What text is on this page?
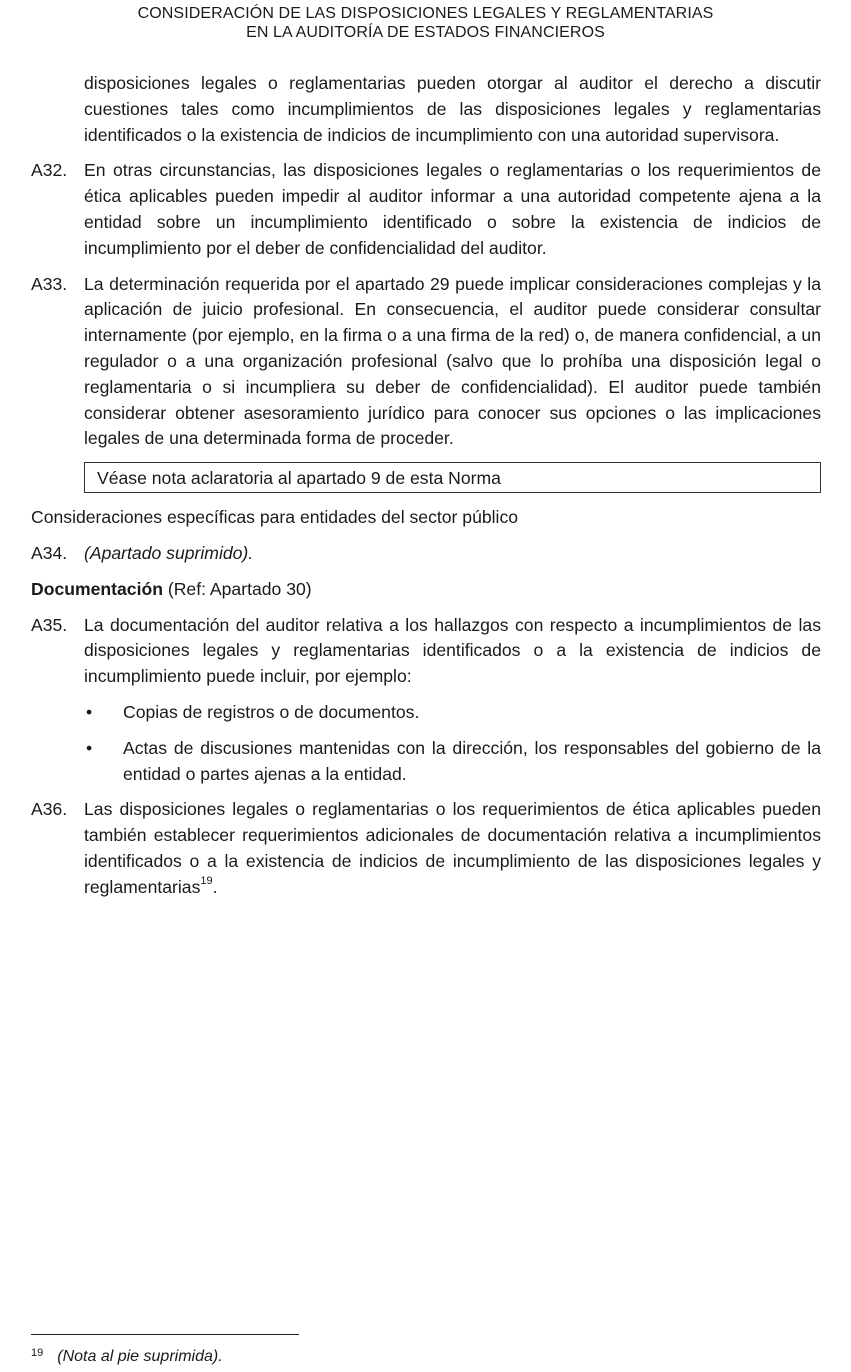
CONSIDERACIÓN DE LAS DISPOSICIONES LEGALES Y REGLAMENTARIAS
EN LA AUDITORÍA DE ESTADOS FINANCIEROS

disposiciones legales o reglamentarias pueden otorgar al auditor el derecho a discutir cuestiones tales como incumplimientos de las disposiciones legales y reglamentarias identificados o la existencia de indicios de incumplimiento con una autoridad supervisora.

A32. En otras circunstancias, las disposiciones legales o reglamentarias o los requerimientos de ética aplicables pueden impedir al auditor informar a una autoridad competente ajena a la entidad sobre un incumplimiento identificado o sobre la existencia de indicios de incumplimiento por el deber de confidencialidad del auditor.

A33. La determinación requerida por el apartado 29 puede implicar consideraciones complejas y la aplicación de juicio profesional. En consecuencia, el auditor puede considerar consultar internamente (por ejemplo, en la firma o a una firma de la red) o, de manera confidencial, a un regulador o a una organización profesional (salvo que lo prohíba una disposición legal o reglamentaria o si incumpliera su deber de confidencialidad). El auditor puede también considerar obtener asesoramiento jurídico para conocer sus opciones o las implicaciones legales de una determinada forma de proceder.

Véase nota aclaratoria al apartado 9 de esta Norma
Consideraciones específicas para entidades del sector público

A34. (Apartado suprimido).

Documentación (Ref: Apartado 30)

A35. La documentación del auditor relativa a los hallazgos con respecto a incumplimientos de las disposiciones legales y reglamentarias identificados o a la existencia de indicios de incumplimiento puede incluir, por ejemplo:

• Copias de registros o de documentos.

• Actas de discusiones mantenidas con la dirección, los responsables del gobierno de la entidad o partes ajenas a la entidad.

A36. Las disposiciones legales o reglamentarias o los requerimientos de ética aplicables pueden también establecer requerimientos adicionales de documentación relativa a incumplimientos identificados o a la existencia de indicios de incumplimiento de las disposiciones legales y reglamentarias$^{19}$.

$^{19}$ (Nota al pie suprimida).
